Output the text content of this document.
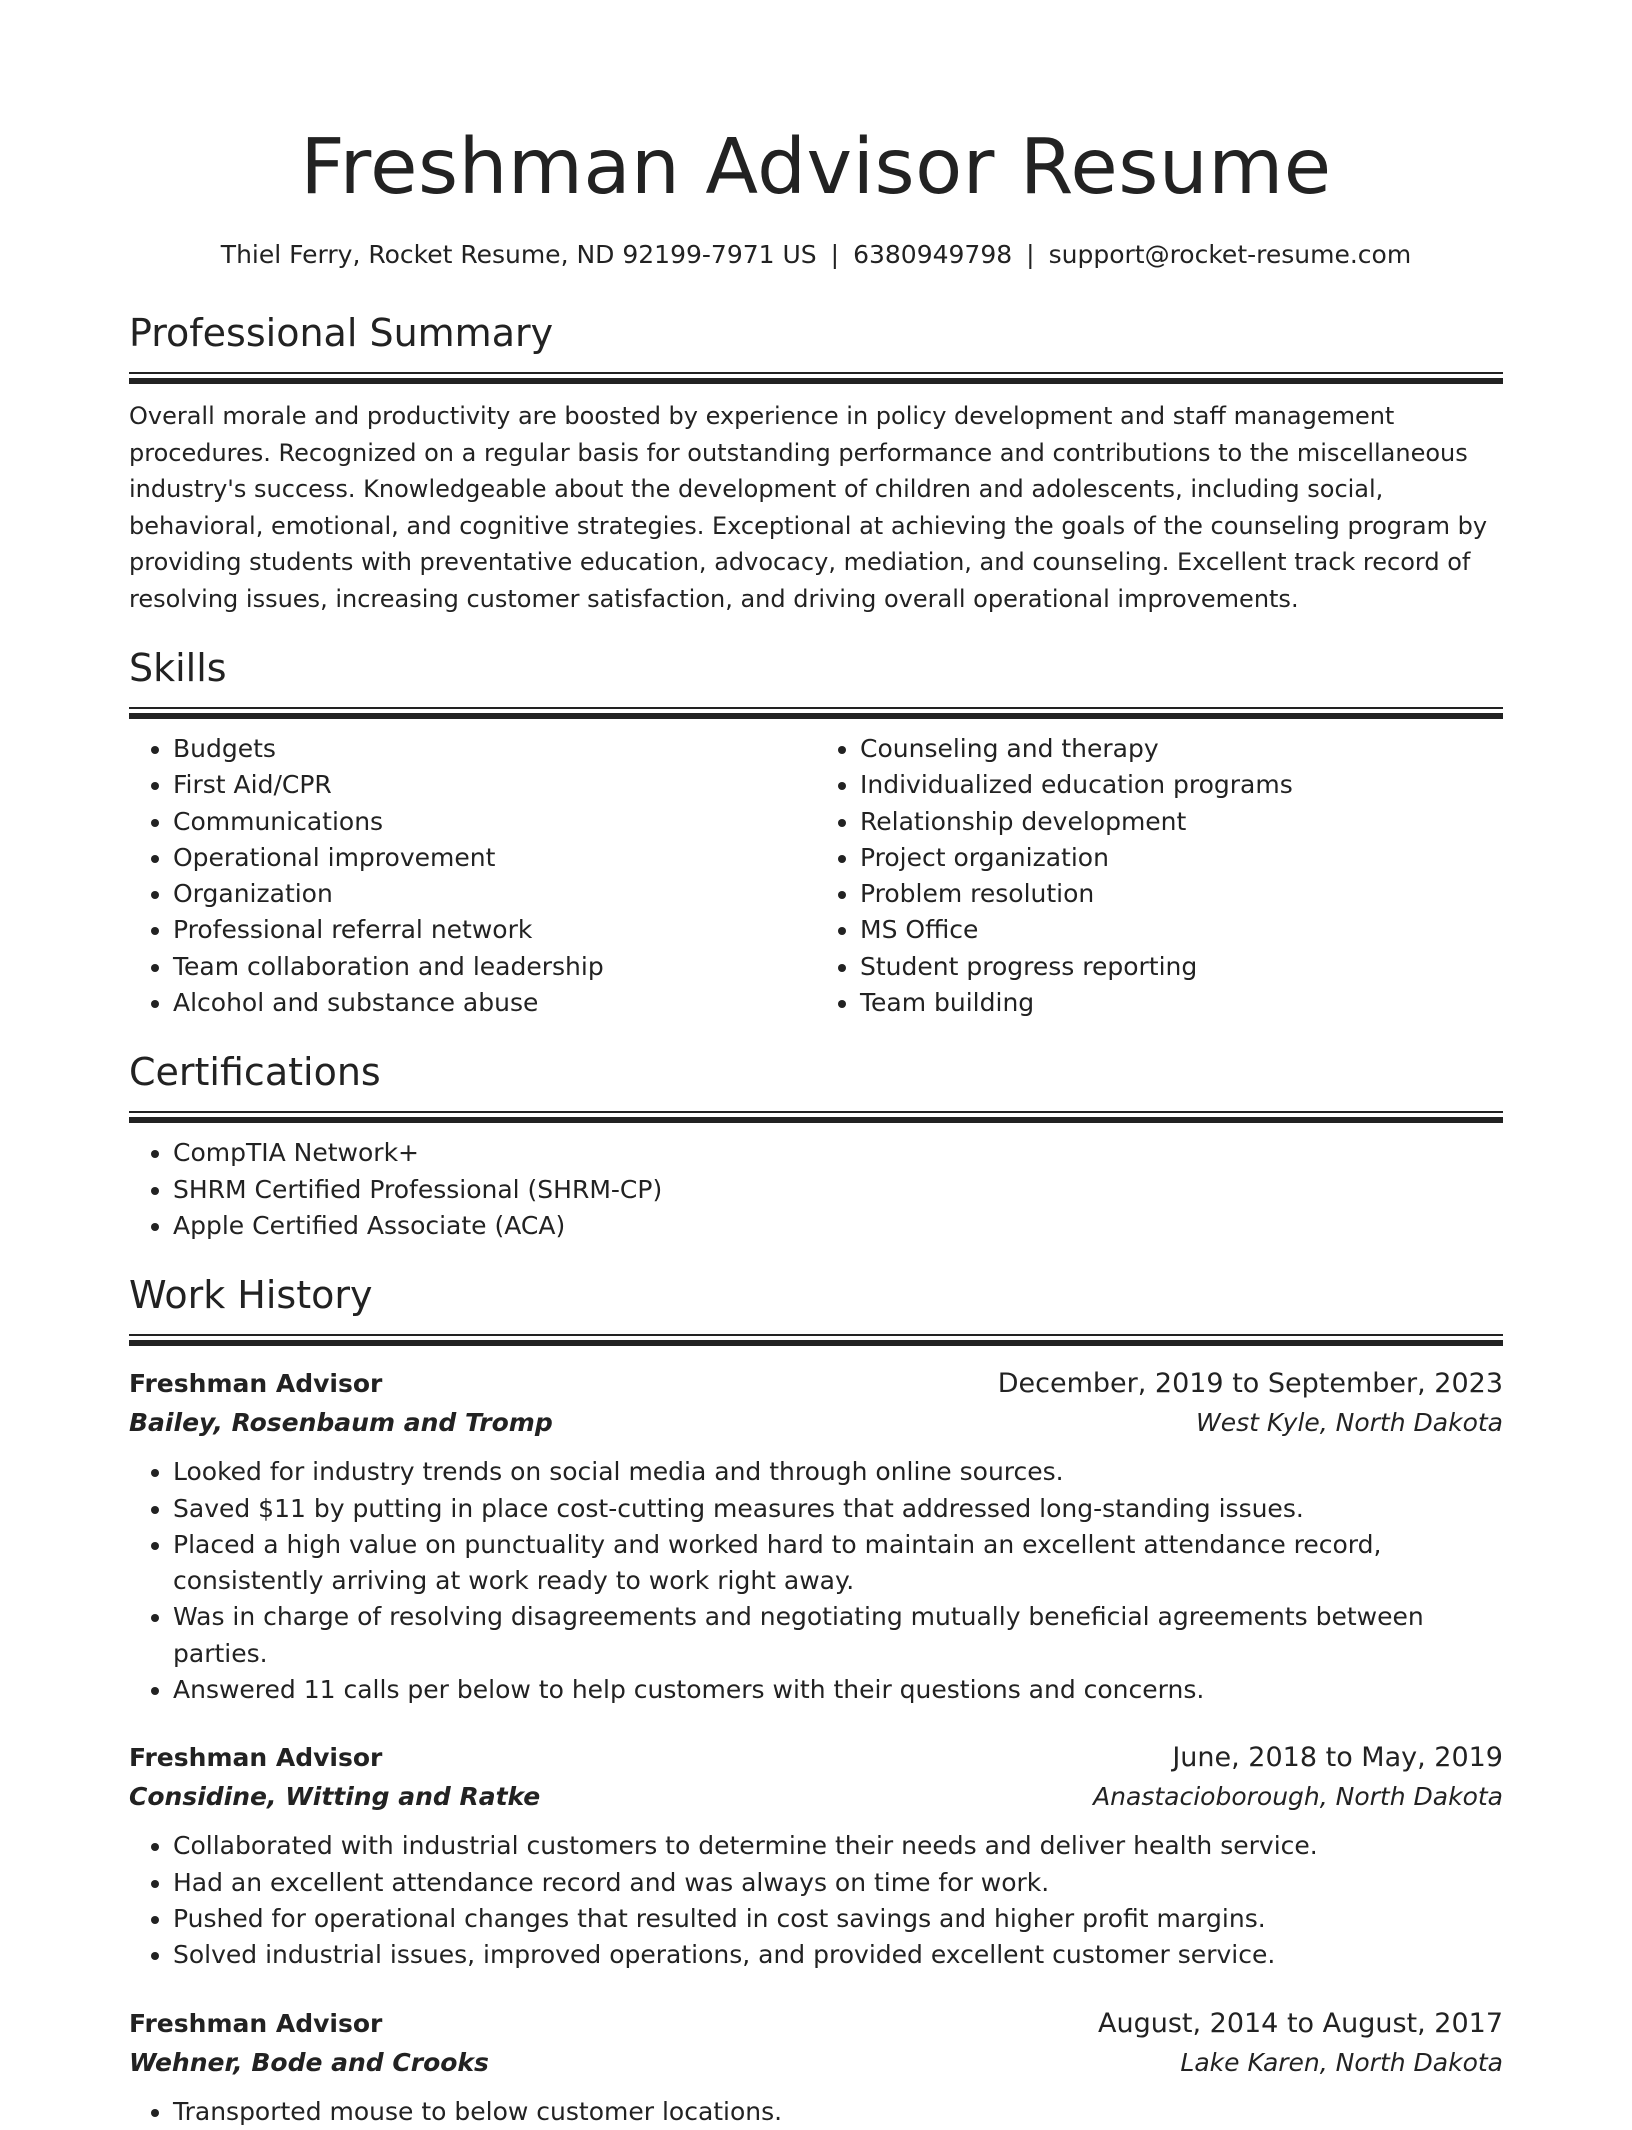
Freshman Advisor Resume
Thiel Ferry, Rocket Resume, ND 92199-7971 US | 6380949798 | support@rocket-resume.com
Professional Summary

Overall morale and productivity are boosted by experience in policy development and staff management procedures. Recognized on a regular basis for outstanding performance and contributions to the miscellaneous industry's success. Knowledgeable about the development of children and adolescents, including social, behavioral, emotional, and cognitive strategies. Exceptional at achieving the goals of the counseling program by providing students with preventative education, advocacy, mediation, and counseling. Excellent track record of resolving issues, increasing customer satisfaction, and driving overall operational improvements.

Skills
• Budgets
• First Aid/CPR
• Communications
• Operational improvement
• Organization
• Professional referral network
• Team collaboration and leadership
• Alcohol and substance abuse
• Counseling and therapy
• Individualized education programs
• Relationship development
• Project organization
• Problem resolution
• MS Office
• Student progress reporting
• Team building
Certifications
• CompTIA Network+
• SHRM Certified Professional (SHRM-CP)
• Apple Certified Associate (ACA)
Work History
Freshman Advisor	December, 2019 to September, 2023
Bailey, Rosenbaum and Tromp	West Kyle, North Dakota
• Looked for industry trends on social media and through online sources.
• Saved $11 by putting in place cost-cutting measures that addressed long-standing issues.
• Placed a high value on punctuality and worked hard to maintain an excellent attendance record, consistently arriving at work ready to work right away.
• Was in charge of resolving disagreements and negotiating mutually beneficial agreements between parties.
• Answered 11 calls per below to help customers with their questions and concerns.
Freshman Advisor	June, 2018 to May, 2019
Considine, Witting and Ratke	Anastacioborough, North Dakota
• Collaborated with industrial customers to determine their needs and deliver health service.
• Had an excellent attendance record and was always on time for work.
• Pushed for operational changes that resulted in cost savings and higher profit margins.
• Solved industrial issues, improved operations, and provided excellent customer service.
Freshman Advisor	August, 2014 to August, 2017
Wehner, Bode and Crooks	Lake Karen, North Dakota
• Transported mouse to below customer locations.
